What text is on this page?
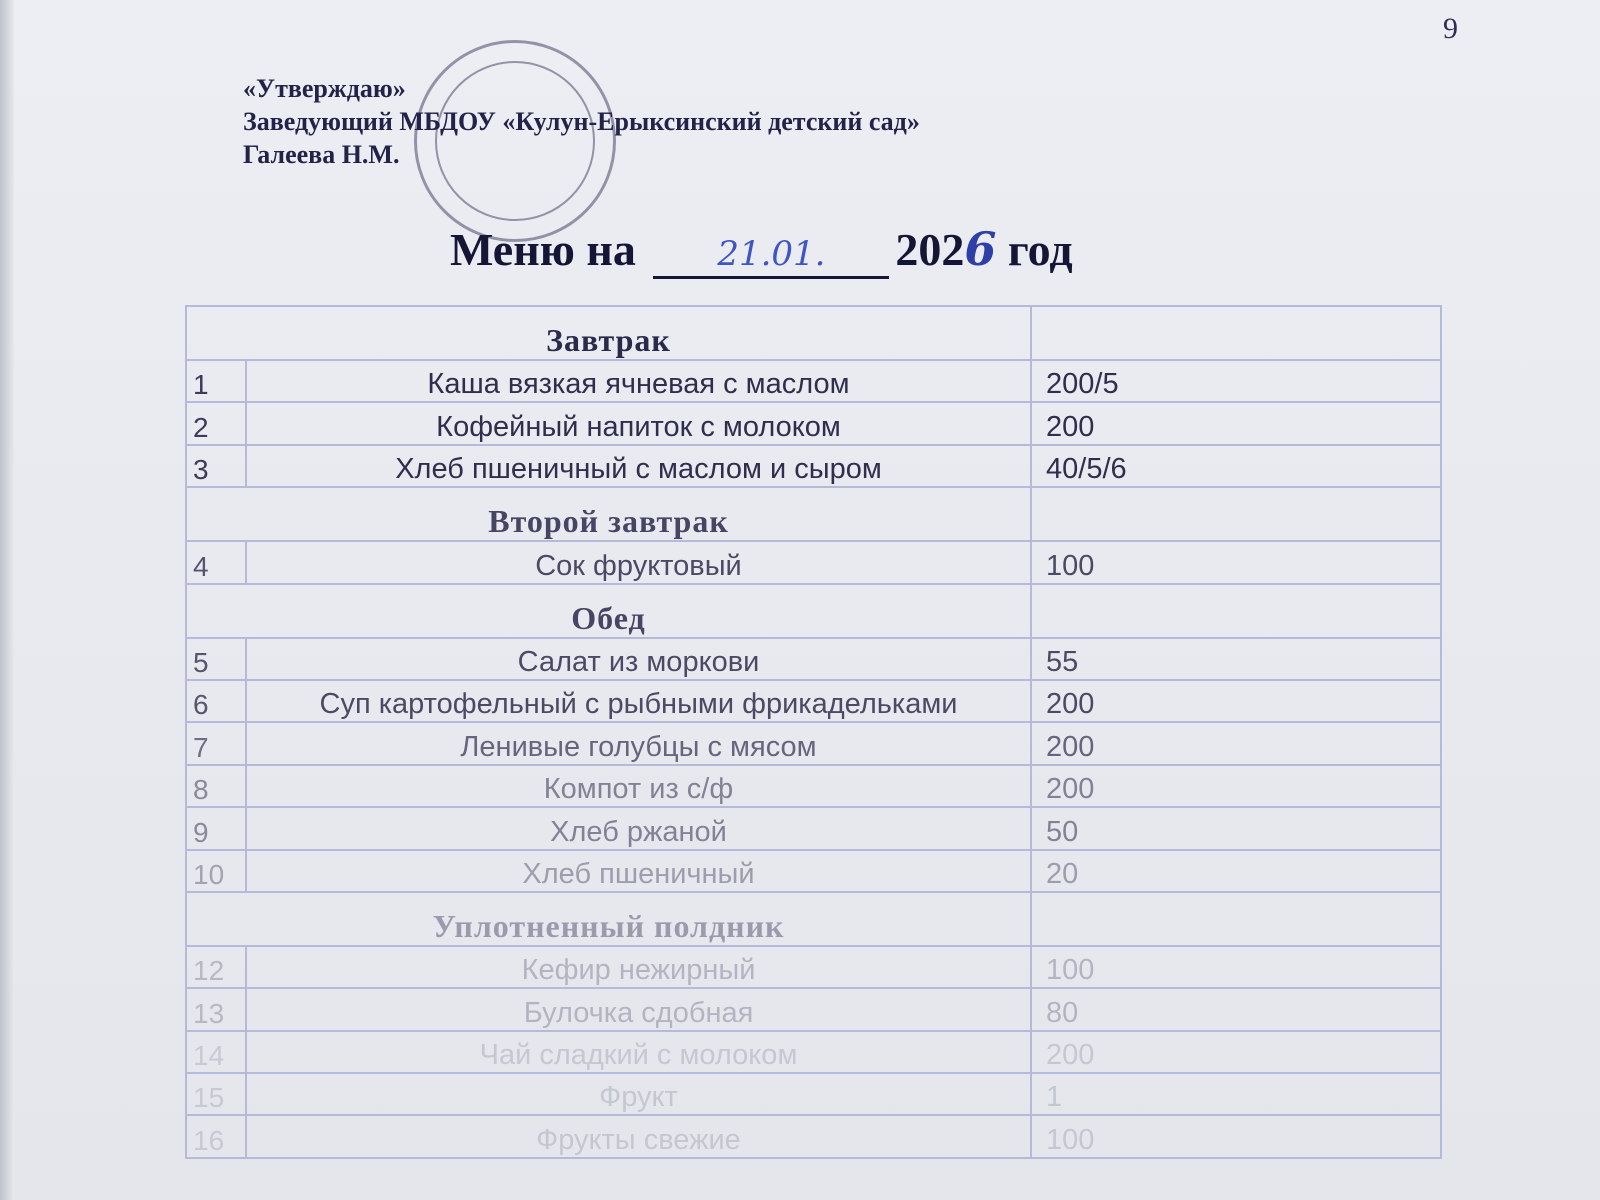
9
«Утверждаю»
Заведующий МБДОУ «Кулун-Ерыксинский детский сад»
Галеева Н.М.
Меню на 21.01. 2026 год
Завтрак		
1	Каша вязкая ячневая с маслом	200/5
2	Кофейный напиток с молоком	200
3	Хлеб пшеничный с маслом и сыром	40/5/6
Второй завтрак		
4	Сок фруктовый	100
Обед		
5	Салат из моркови	55
6	Суп картофельный с рыбными фрикадельками	200
7	Ленивые голубцы с мясом	200
8	Компот из с/ф	200
9	Хлеб ржаной	50
10	Хлеб пшеничный	20
Уплотненный полдник		
12	Кефир нежирный	100
13	Булочка сдобная	80
14	Чай сладкий с молоком	200
15	Фрукт	1
16	Фрукты свежие	100
